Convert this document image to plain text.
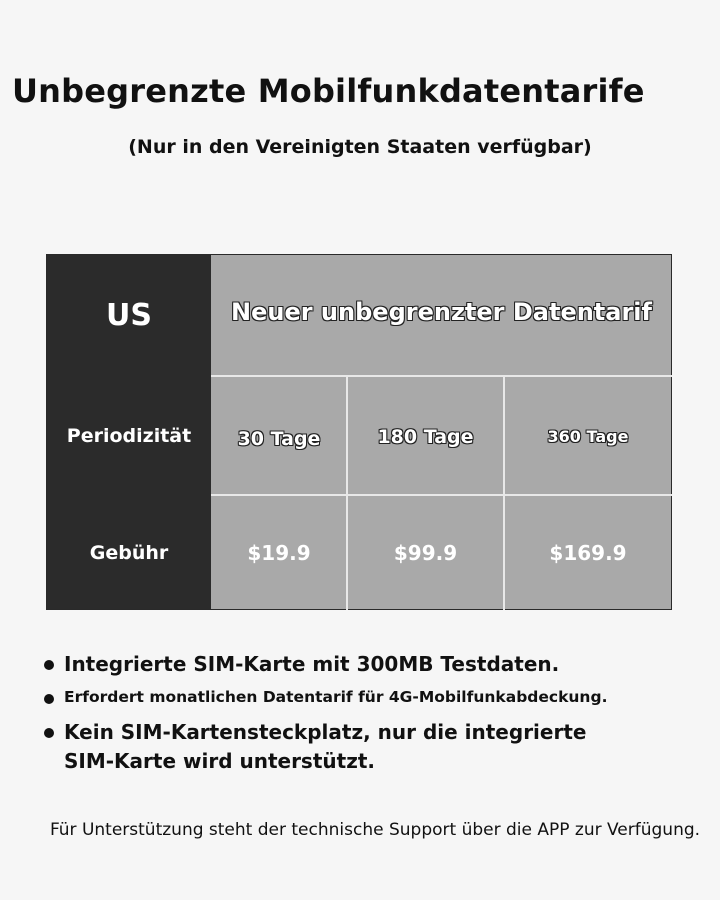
Unbegrenzte Mobilfunkdatentarife
(Nur in den Vereinigten Staaten verfügbar)
US	Neuer unbegrenzter Datentarif
Periodizität	30 Tage	180 Tage	360 Tage
Gebühr	$19.9	$99.9	$169.9
Integrierte SIM-Karte mit 300MB Testdaten.
Erfordert monatlichen Datentarif für 4G-Mobilfunkabdeckung.
Kein SIM-Kartensteckplatz, nur die integrierte SIM-Karte wird unterstützt.
Für Unterstützung steht der technische Support über die APP zur Verfügung.
